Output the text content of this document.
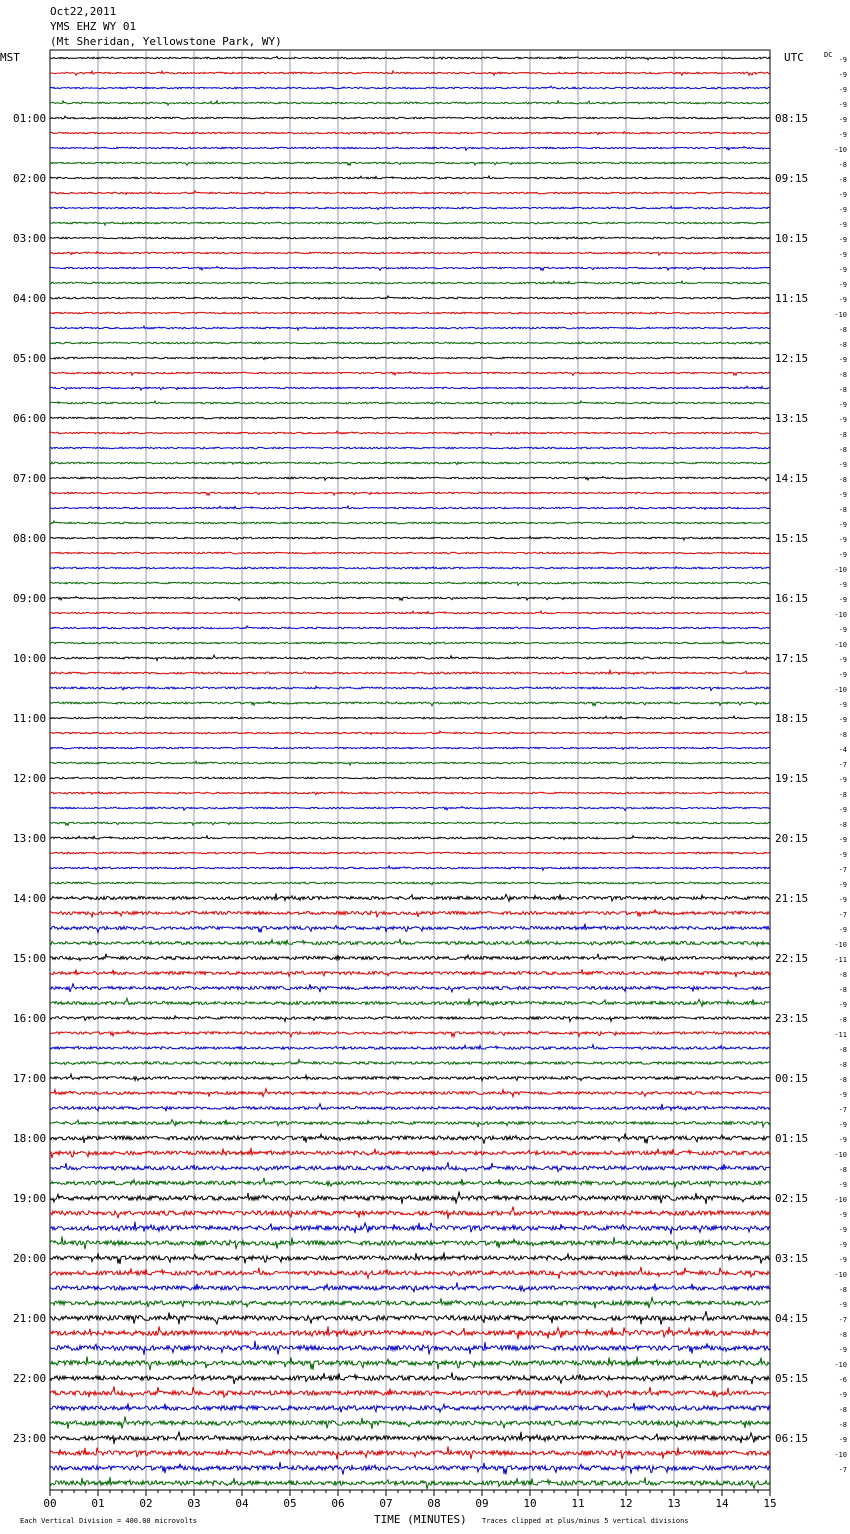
Oct22,2011
YMS EHZ WY 01
(Mt Sheridan, Yellowstone Park, WY)
00	01	02	03	04	05	06	07	08	09	10	11	12	13	14	15
-9
-9
-9
-9
01:00	08:15	-9
-9
-10
-8
02:00	09:15	-8
-9
-9
-9
03:00	10:15	-9
-9
-9
-9
04:00	11:15	-9
-10
-8
-8
05:00	12:15	-9
-8
-8
-9
06:00	13:15	-9
-8
-8
-9
07:00	14:15	-8
-9
-8
-9
08:00	15:15	-9
-9
-10
-9
09:00	16:15	-9
-10
-9
-10
10:00	17:15	-9
-9
-10
-9
11:00	18:15	-9
-8
-4
-7
12:00	19:15	-9
-8
-9
-8
13:00	20:15	-9
-9
-7
-9
14:00	21:15	-9
-7
-9
-10
15:00	22:15	-11
-8
-8
-9
16:00	23:15	-8
-11
-8
-8
17:00	00:15	-8
-9
-7
-9
18:00	01:15	-9
-10
-8
-9
19:00	02:15	-10
-9
-9
-9
20:00	03:15	-9
-10
-8
-9
21:00	04:15	-7
-8
-9
-10
22:00	05:15	-6
-9
-8
-8
23:00	06:15	-9
-10
-7
MST	UTC	DC
Each Vertical Division = 400.00 microvolts	TIME (MINUTES) Traces clipped at plus/minus 5 vertical divisions
